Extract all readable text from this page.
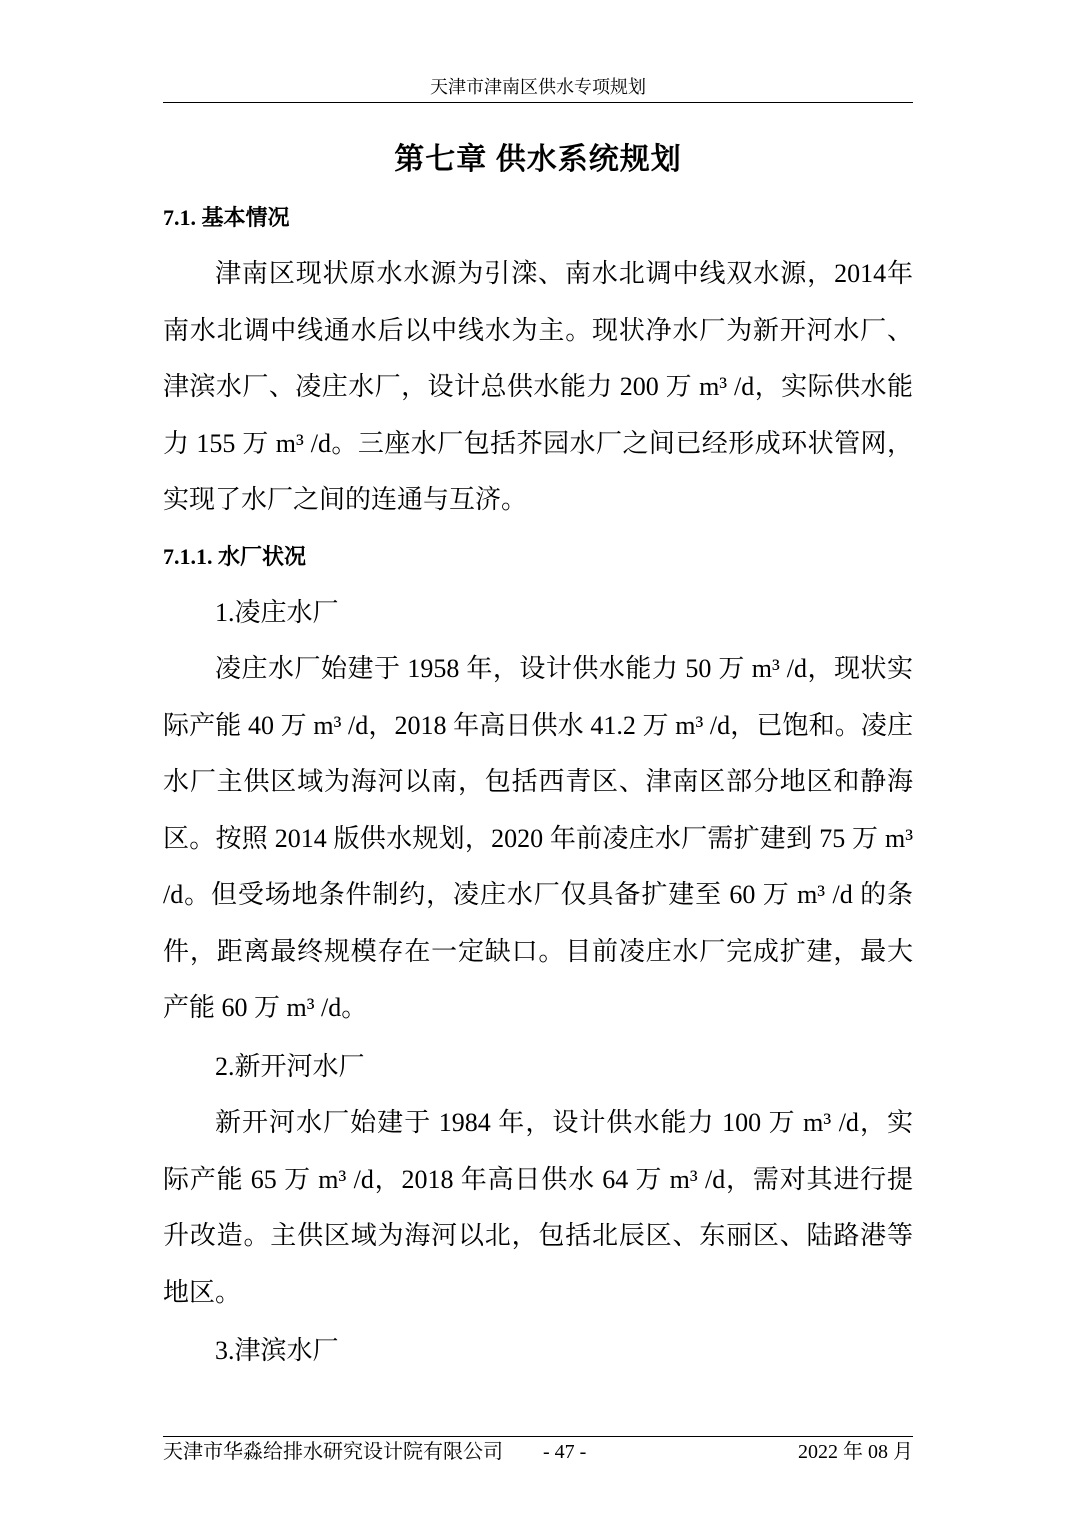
天津市津南区供水专项规划
第七章 供水系统规划

7.1. 基本情况

津南区现状原水水源为引滦、南水北调中线双水源，2014年南水北调中线通水后以中线水为主。现状净水厂为新开河水厂、津滨水厂、凌庄水厂，设计总供水能力 200 万 m³ /d，实际供水能力 155 万 m³ /d。三座水厂包括芥园水厂之间已经形成环状管网，实现了水厂之间的连通与互济。

7.1.1. 水厂状况

1.凌庄水厂

凌庄水厂始建于 1958 年，设计供水能力 50 万 m³ /d，现状实际产能 40 万 m³ /d，2018 年高日供水 41.2 万 m³ /d，已饱和。凌庄水厂主供区域为海河以南，包括西青区、津南区部分地区和静海区。按照 2014 版供水规划，2020 年前凌庄水厂需扩建到 75 万 m³ /d。但受场地条件制约，凌庄水厂仅具备扩建至 60 万 m³ /d 的条件，距离最终规模存在一定缺口。目前凌庄水厂完成扩建，最大产能 60 万 m³ /d。

2.新开河水厂

新开河水厂始建于 1984 年，设计供水能力 100 万 m³ /d，实际产能 65 万 m³ /d，2018 年高日供水 64 万 m³ /d，需对其进行提升改造。主供区域为海河以北，包括北辰区、东丽区、陆路港等地区。

3.津滨水厂

天津市华淼给排水研究设计院有限公司 - 47 -	2022 年 08 月
